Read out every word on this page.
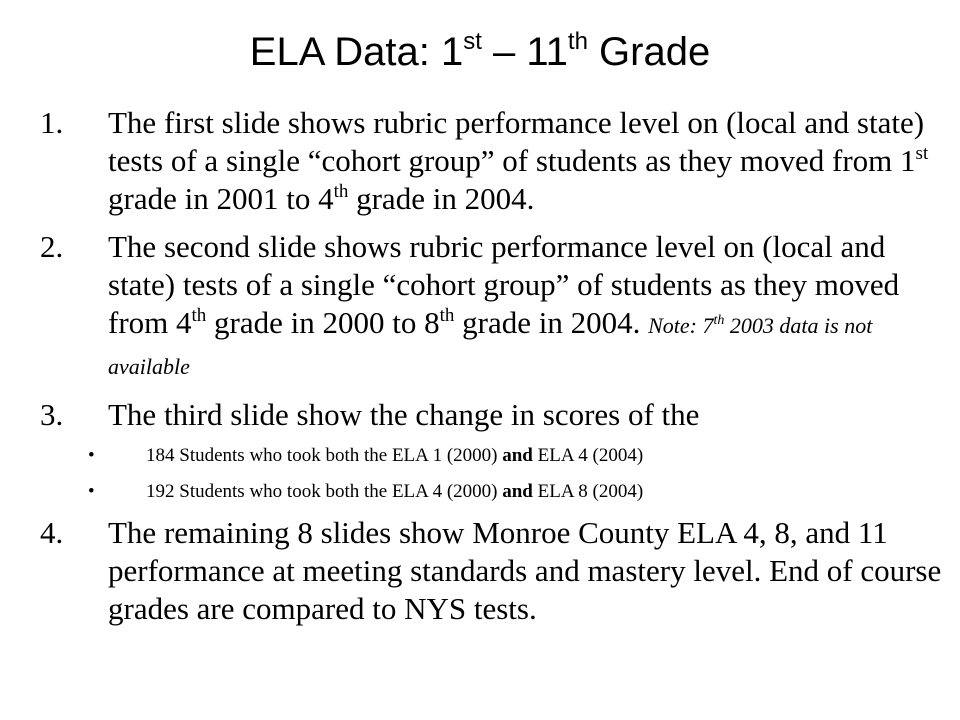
ELA Data: 1st – 11th Grade
1. The first slide shows rubric performance level on (local and state) tests of a single “cohort group” of students as they moved from 1st grade in 2001 to 4th grade in 2004.
2. The second slide shows rubric performance level on (local and state) tests of a single “cohort group” of students as they moved from 4th grade in 2000 to 8th grade in 2004. Note: 7th 2003 data is not available
3. The third slide show the change in scores of the
•	184 Students who took both the ELA 1 (2000) and ELA 4 (2004)
•	192 Students who took both the ELA 4 (2000) and ELA 8 (2004)
4. The remaining 8 slides show Monroe County ELA 4, 8, and 11 performance at meeting standards and mastery level. End of course grades are compared to NYS tests.
